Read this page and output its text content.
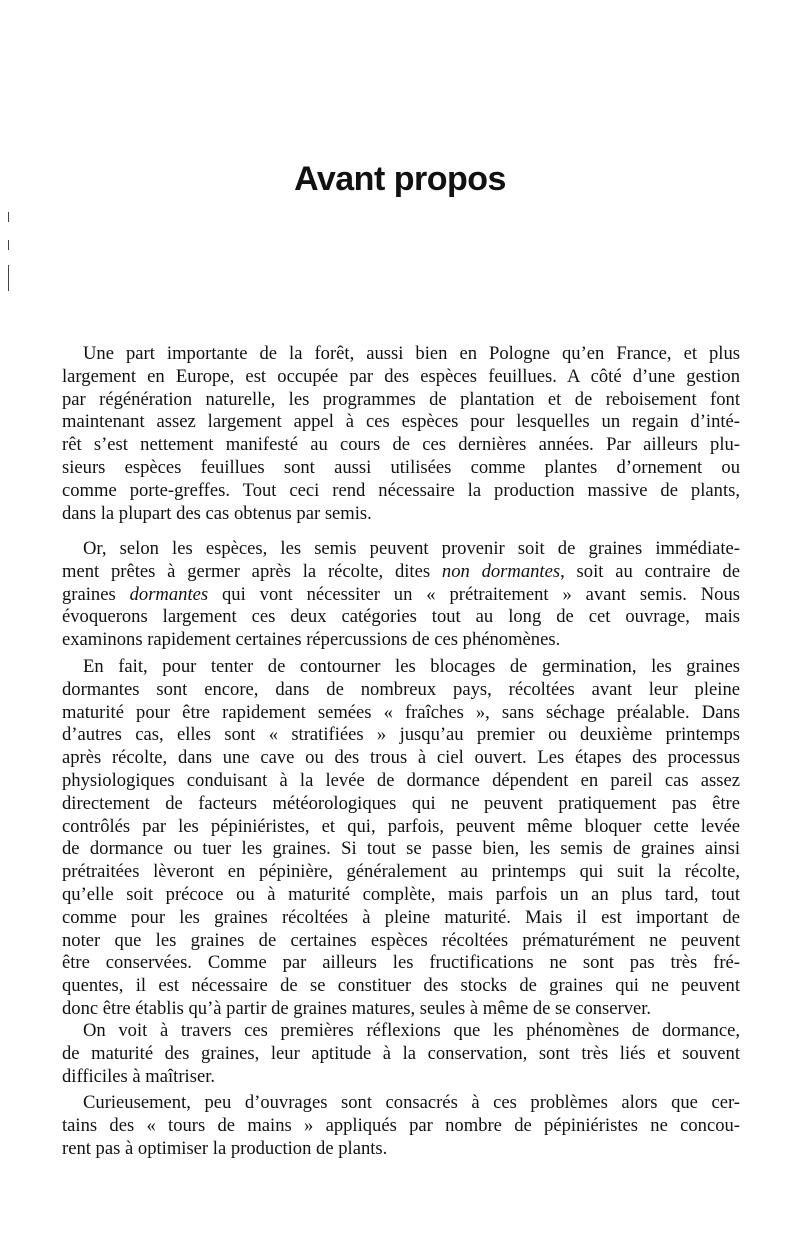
Avant propos
Une part importante de la forêt, aussi bien en Pologne qu’en France, et plus
largement en Europe, est occupée par des espèces feuillues. A côté d’une gestion
par régénération naturelle, les programmes de plantation et de reboisement font
maintenant assez largement appel à ces espèces pour lesquelles un regain d’inté-
rêt s’est nettement manifesté au cours de ces dernières années. Par ailleurs plu-
sieurs espèces feuillues sont aussi utilisées comme plantes d’ornement ou
comme porte-greffes. Tout ceci rend nécessaire la production massive de plants,
dans la plupart des cas obtenus par semis.
Or, selon les espèces, les semis peuvent provenir soit de graines immédiate-
ment prêtes à germer après la récolte, dites non dormantes, soit au contraire de
graines dormantes qui vont nécessiter un « prétraitement » avant semis. Nous
évoquerons largement ces deux catégories tout au long de cet ouvrage, mais
examinons rapidement certaines répercussions de ces phénomènes.
En fait, pour tenter de contourner les blocages de germination, les graines
dormantes sont encore, dans de nombreux pays, récoltées avant leur pleine
maturité pour être rapidement semées « fraîches », sans séchage préalable. Dans
d’autres cas, elles sont « stratifiées » jusqu’au premier ou deuxième printemps
après récolte, dans une cave ou des trous à ciel ouvert. Les étapes des processus
physiologiques conduisant à la levée de dormance dépendent en pareil cas assez
directement de facteurs météorologiques qui ne peuvent pratiquement pas être
contrôlés par les pépiniéristes, et qui, parfois, peuvent même bloquer cette levée
de dormance ou tuer les graines. Si tout se passe bien, les semis de graines ainsi
prétraitées lèveront en pépinière, généralement au printemps qui suit la récolte,
qu’elle soit précoce ou à maturité complète, mais parfois un an plus tard, tout
comme pour les graines récoltées à pleine maturité. Mais il est important de
noter que les graines de certaines espèces récoltées prématurément ne peuvent
être conservées. Comme par ailleurs les fructifications ne sont pas très fré-
quentes, il est nécessaire de se constituer des stocks de graines qui ne peuvent
donc être établis qu’à partir de graines matures, seules à même de se conserver.
On voit à travers ces premières réflexions que les phénomènes de dormance,
de maturité des graines, leur aptitude à la conservation, sont très liés et souvent
difficiles à maîtriser.
Curieusement, peu d’ouvrages sont consacrés à ces problèmes alors que cer-
tains des « tours de mains » appliqués par nombre de pépiniéristes ne concou-
rent pas à optimiser la production de plants.
